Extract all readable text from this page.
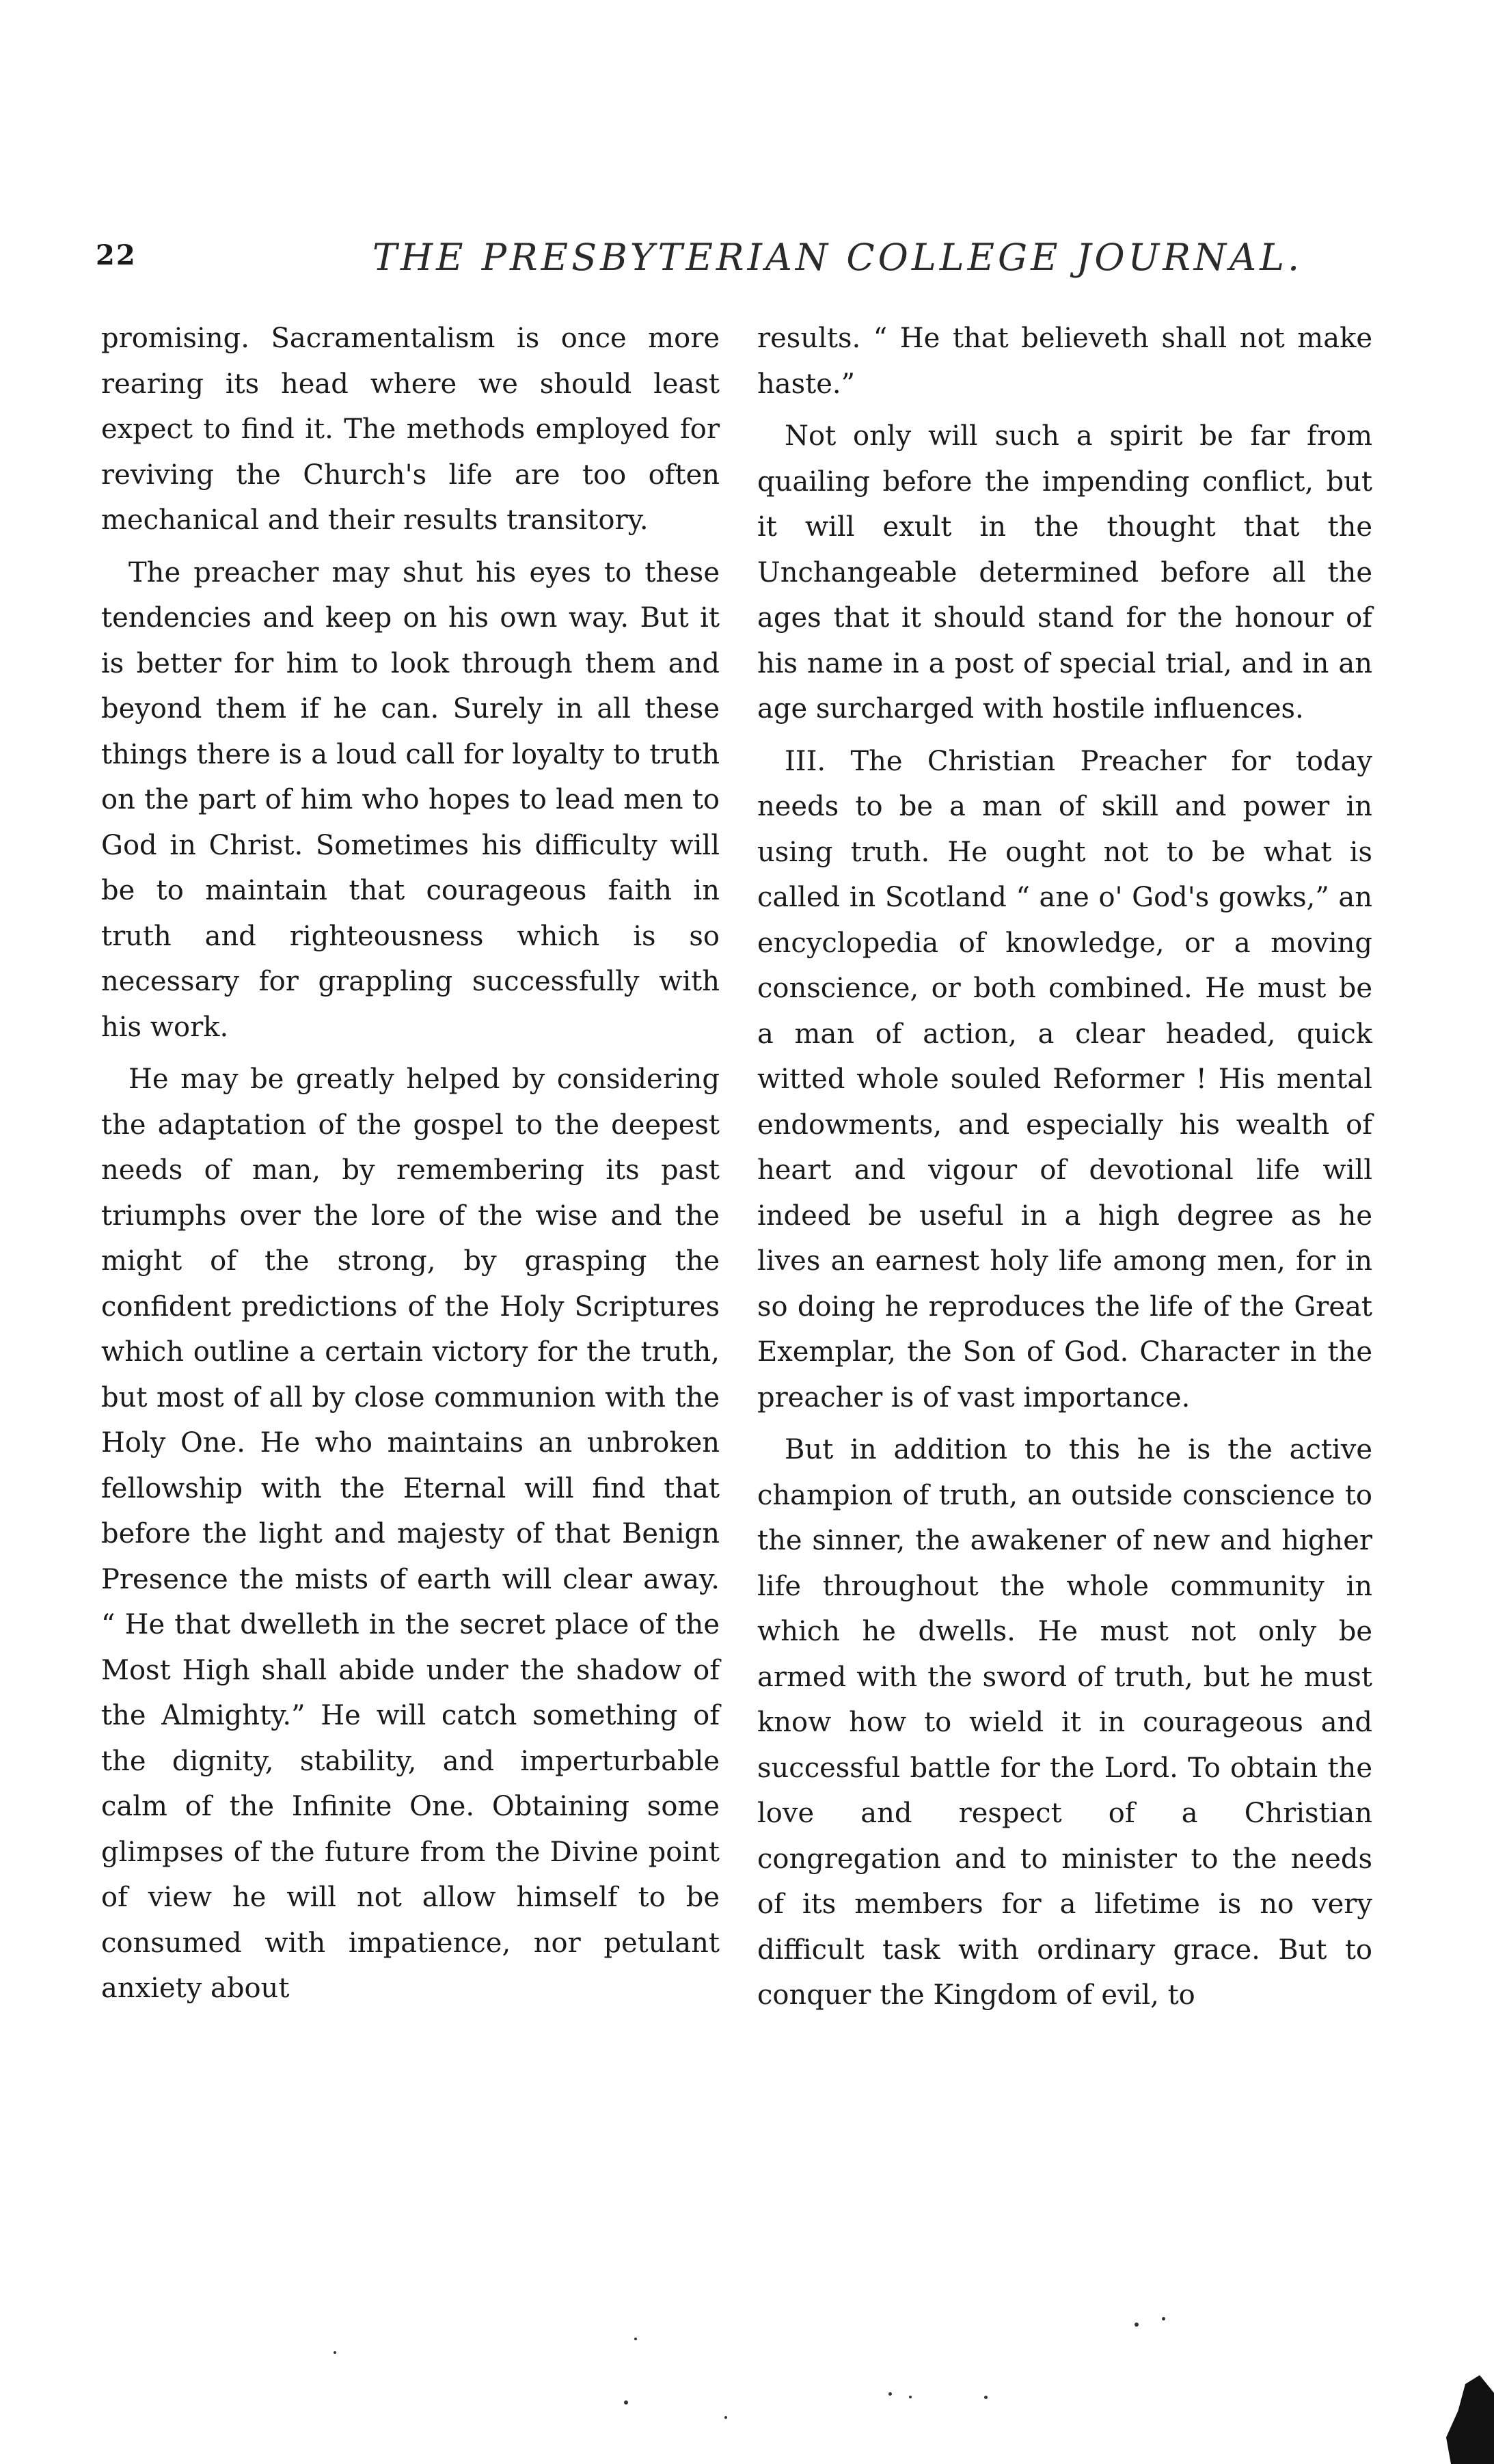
22	THE PRESBYTERIAN COLLEGE JOURNAL.

promising. Sacramentalism is once more rearing its head where we should least expect to find it. The methods employed for reviving the Church's life are too often mechanical and their results transitory.

The preacher may shut his eyes to these tendencies and keep on his own way. But it is better for him to look through them and beyond them if he can. Surely in all these things there is a loud call for loyalty to truth on the part of him who hopes to lead men to God in Christ. Sometimes his difficulty will be to maintain that courageous faith in truth and righteousness which is so necessary for grappling successfully with his work.

He may be greatly helped by considering the adaptation of the gospel to the deepest needs of man, by remembering its past triumphs over the lore of the wise and the might of the strong, by grasping the confident predictions of the Holy Scriptures which outline a certain victory for the truth, but most of all by close communion with the Holy One. He who maintains an unbroken fellowship with the Eternal will find that before the light and majesty of that Benign Presence the mists of earth will clear away. “ He that dwelleth in the secret place of the Most High shall abide under the shadow of the Almighty.” He will catch something of the dignity, stability, and imperturbable calm of the Infinite One. Obtaining some glimpses of the future from the Divine point of view he will not allow himself to be consumed with impatience, nor petulant anxiety about

results. “ He that believeth shall not make haste.”

Not only will such a spirit be far from quailing before the impending conflict, but it will exult in the thought that the Unchangeable determined before all the ages that it should stand for the honour of his name in a post of special trial, and in an age surcharged with hostile influences.

III. The Christian Preacher for today needs to be a man of skill and power in using truth. He ought not to be what is called in Scotland “ ane o' God's gowks,” an encyclopedia of knowledge, or a moving conscience, or both combined. He must be a man of action, a clear headed, quick witted whole souled Reformer ! His mental endowments, and especially his wealth of heart and vigour of devotional life will indeed be useful in a high degree as he lives an earnest holy life among men, for in so doing he reproduces the life of the Great Exemplar, the Son of God. Character in the preacher is of vast importance.

But in addition to this he is the active champion of truth, an outside conscience to the sinner, the awakener of new and higher life throughout the whole community in which he dwells. He must not only be armed with the sword of truth, but he must know how to wield it in courageous and successful battle for the Lord. To obtain the love and respect of a Christian congregation and to minister to the needs of its members for a lifetime is no very difficult task with ordinary grace. But to conquer the Kingdom of evil, to
